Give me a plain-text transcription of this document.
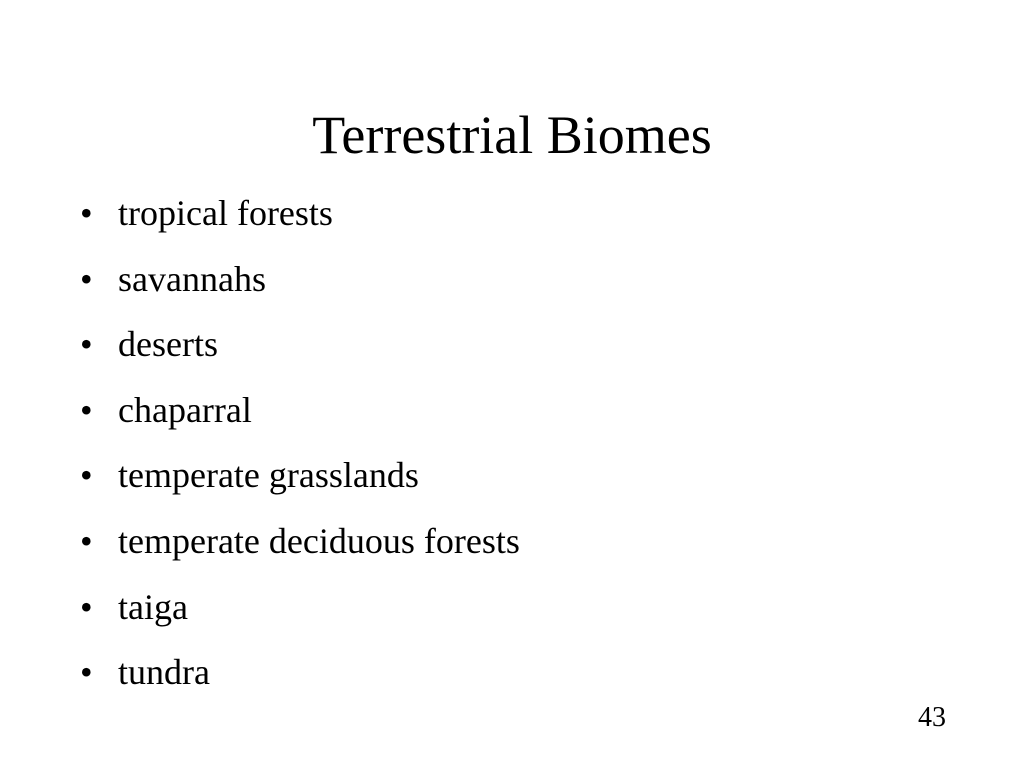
Terrestrial Biomes
• tropical forests
• savannahs
• deserts
• chaparral
• temperate grasslands
• temperate deciduous forests
• taiga
• tundra
43
